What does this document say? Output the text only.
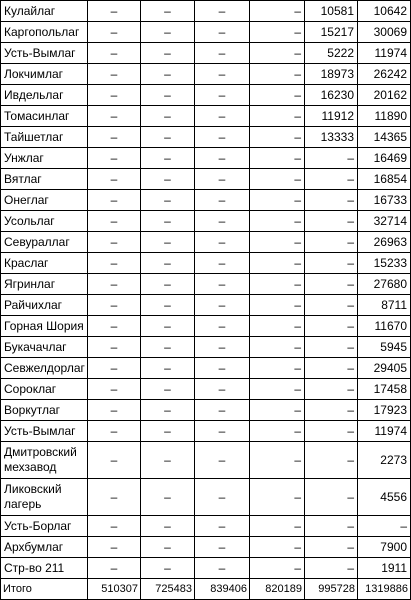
Кулайлаг	–	–	–	–	10581	10642
Каргопольлаг	–	–	–	–	15217	30069
Усть-Вымлаг	–	–	–	–	5222	11974
Локчимлаг	–	–	–	–	18973	26242
Ивдельлаг	–	–	–	–	16230	20162
Томасинлаг	–	–	–	–	11912	11890
Тайшетлаг	–	–	–	–	13333	14365
Унжлаг	–	–	–	–	–	16469
Вятлаг	–	–	–	–	–	16854
Онеглаг	–	–	–	–	–	16733
Усольлаг	–	–	–	–	–	32714
Севураллаг	–	–	–	–	–	26963
Краслаг	–	–	–	–	–	15233
Ягринлаг	–	–	–	–	–	27680
Райчихлаг	–	–	–	–	–	8711
Горная Шория	–	–	–	–	–	11670
Букачачлаг	–	–	–	–	–	5945
Севжелдорлаг	–	–	–	–	–	29405
Сороклаг	–	–	–	–	–	17458
Воркутлаг	–	–	–	–	–	17923
Усть-Вымлаг	–	–	–	–	–	11974
Дмитровский мехзавод	–	–	–	–	–	2273
Ликовский лагерь	–	–	–	–	–	4556
Усть-Борлаг	–	–	–	–	–	–
Архбумлаг	–	–	–	–	–	7900
Стр-во 211	–	–	–	–	–	1911
Итого	510307	725483	839406	820189	995728	1319886
